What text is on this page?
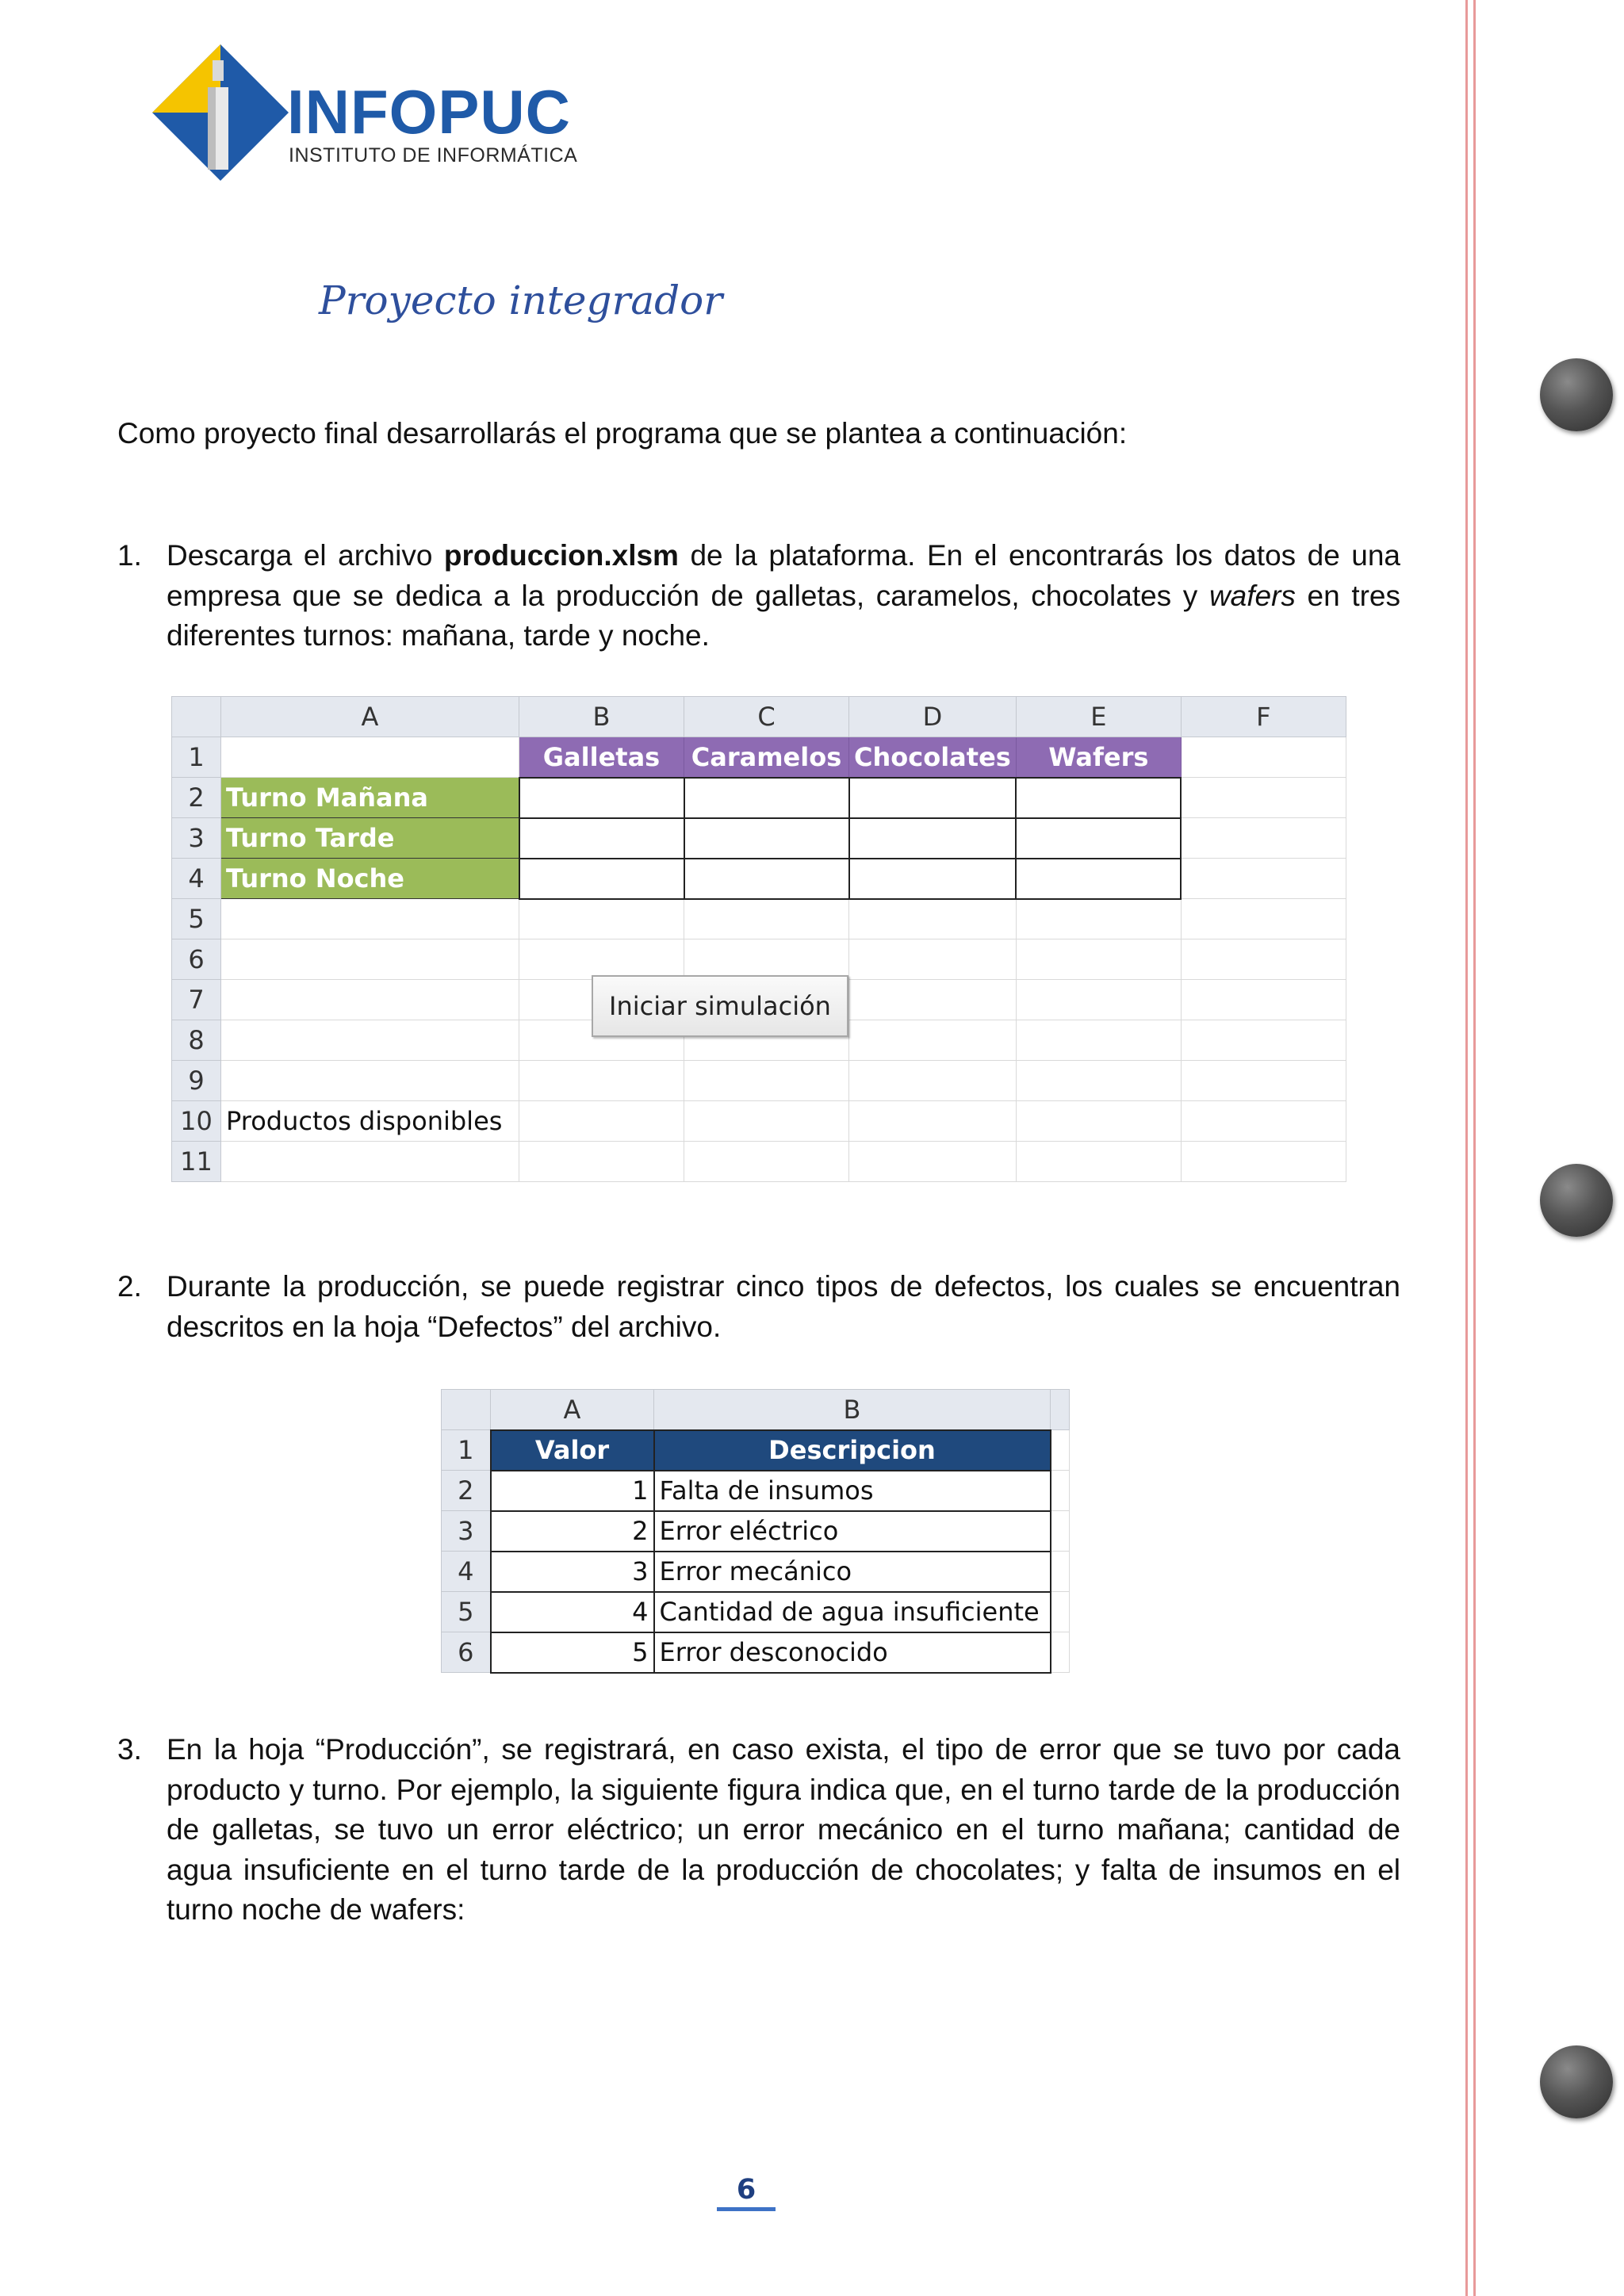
INFOPUC
INSTITUTO DE INFORMÁTICA
Proyecto integrador
Como proyecto final desarrollarás el programa que se plantea a continuación:
1. Descarga el archivo produccion.xlsm de la plataforma. En el encontrarás los datos de una empresa que se dedica a la producción de galletas, caramelos, chocolates y wafers en tres diferentes turnos: mañana, tarde y noche.
	A	B	C	D	E	F
1		Galletas	Caramelos	Chocolates	Wafers	
2	Turno Mañana					
3	Turno Tarde					
4	Turno Noche					
5						
6						
7						
8						
9						
10	Productos disponibles					
11						
Iniciar simulación
2. Durante la producción, se puede registrar cinco tipos de defectos, los cuales se encuentran descritos en la hoja “Defectos” del archivo.
	A	B	
1	Valor	Descripcion	
2	1	Falta de insumos	
3	2	Error eléctrico	
4	3	Error mecánico	
5	4	Cantidad de agua insuficiente	
6	5	Error desconocido	
3. En la hoja “Producción”, se registrará, en caso exista, el tipo de error que se tuvo por cada producto y turno. Por ejemplo, la siguiente figura indica que, en el turno tarde de la producción de galletas, se tuvo un error eléctrico; un error mecánico en el turno mañana; cantidad de agua insuficiente en el turno tarde de la producción de chocolates; y falta de insumos en el turno noche de wafers:
6
